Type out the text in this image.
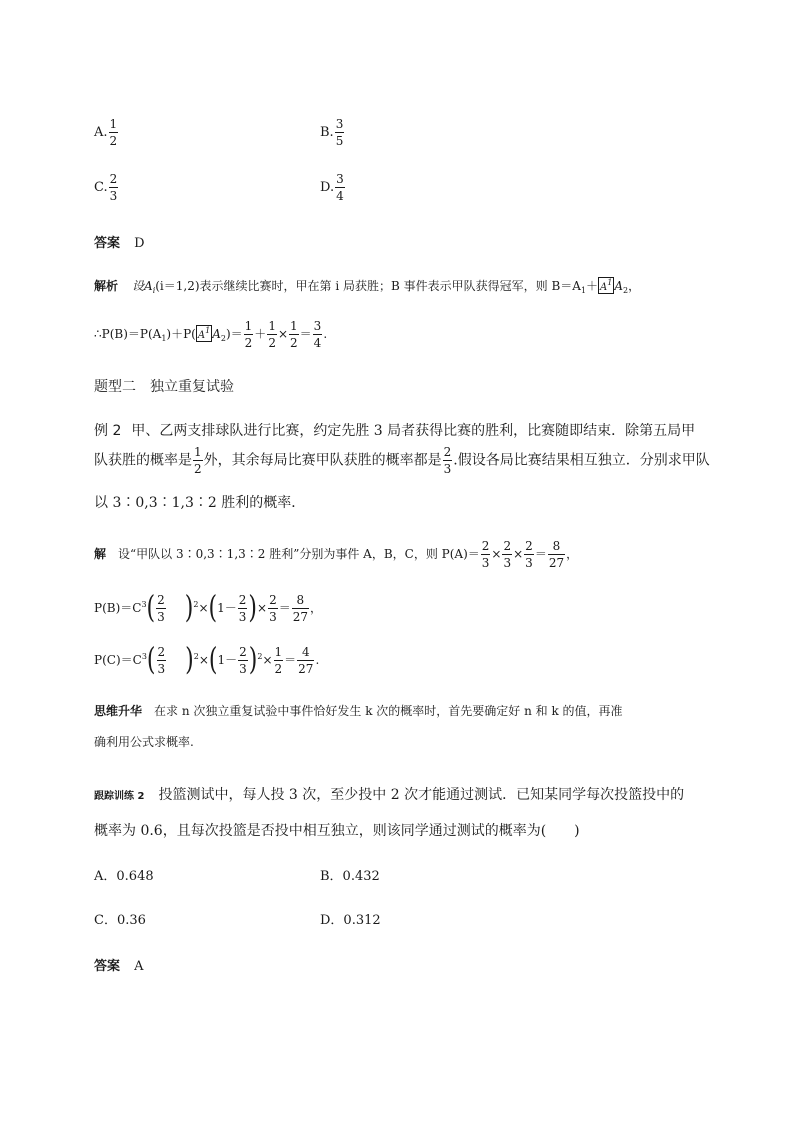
A. $\frac{1}{2}$	B. $\frac{3}{5}$
C. $\frac{2}{3}$	D. $\frac{3}{4}$
答案 D
解析 设$A_i(i=1,2)$表示继续比赛时，甲在第 i 局获胜；B 事件表示甲队获得冠军，则 $B=A_1+ A^1$ $A_2$，
$\therefore P(B)=P(A_1)+P$( $A^1$ $A_2)= \frac{1}{2} + \frac{1}{2} \times \frac{1}{2} = \frac{3}{4}$ .
题型二　独立重复试验
例 2 甲、乙两支排球队进行比赛，约定先胜 3 局者获得比赛的胜利，比赛随即结束．除第五局甲
队获胜的概率是 $\frac{1}{2}$ 外，其余每局比赛甲队获胜的概率都是 $\frac{2}{3}$ .假设各局比赛结果相互独立．分别求甲队
以 3∶0,3∶1,3∶2 胜利的概率．
解 设“甲队以 3∶0,3∶1,3∶2 胜利”分别为事件 A，B，C，则 $P(A)= \frac{2}{3} \times \frac{2}{3} \times \frac{2}{3} = \frac{8}{27}$ ，
$P(B)=C^3( \frac{2}{3} )^2\times(1- \frac{2}{3}$ )× $\frac{2}{3} = \frac{8}{27}$ ，
$P(C)=C^3( \frac{2}{3} )^2\times(1- \frac{2}{3} )^2\times \frac{1}{2} = \frac{4}{27}$ .
思维升华 在求 n 次独立重复试验中事件恰好发生 k 次的概率时，首先要确定好 n 和 k 的值，再准
确利用公式求概率.
跟踪训练 2 投篮测试中，每人投 3 次，至少投中 2 次才能通过测试．已知某同学每次投篮投中的
概率为 0.6，且每次投篮是否投中相互独立，则该同学通过测试的概率为(　　)
A．0.648	B．0.432
C．0.36	D．0.312
答案 A
